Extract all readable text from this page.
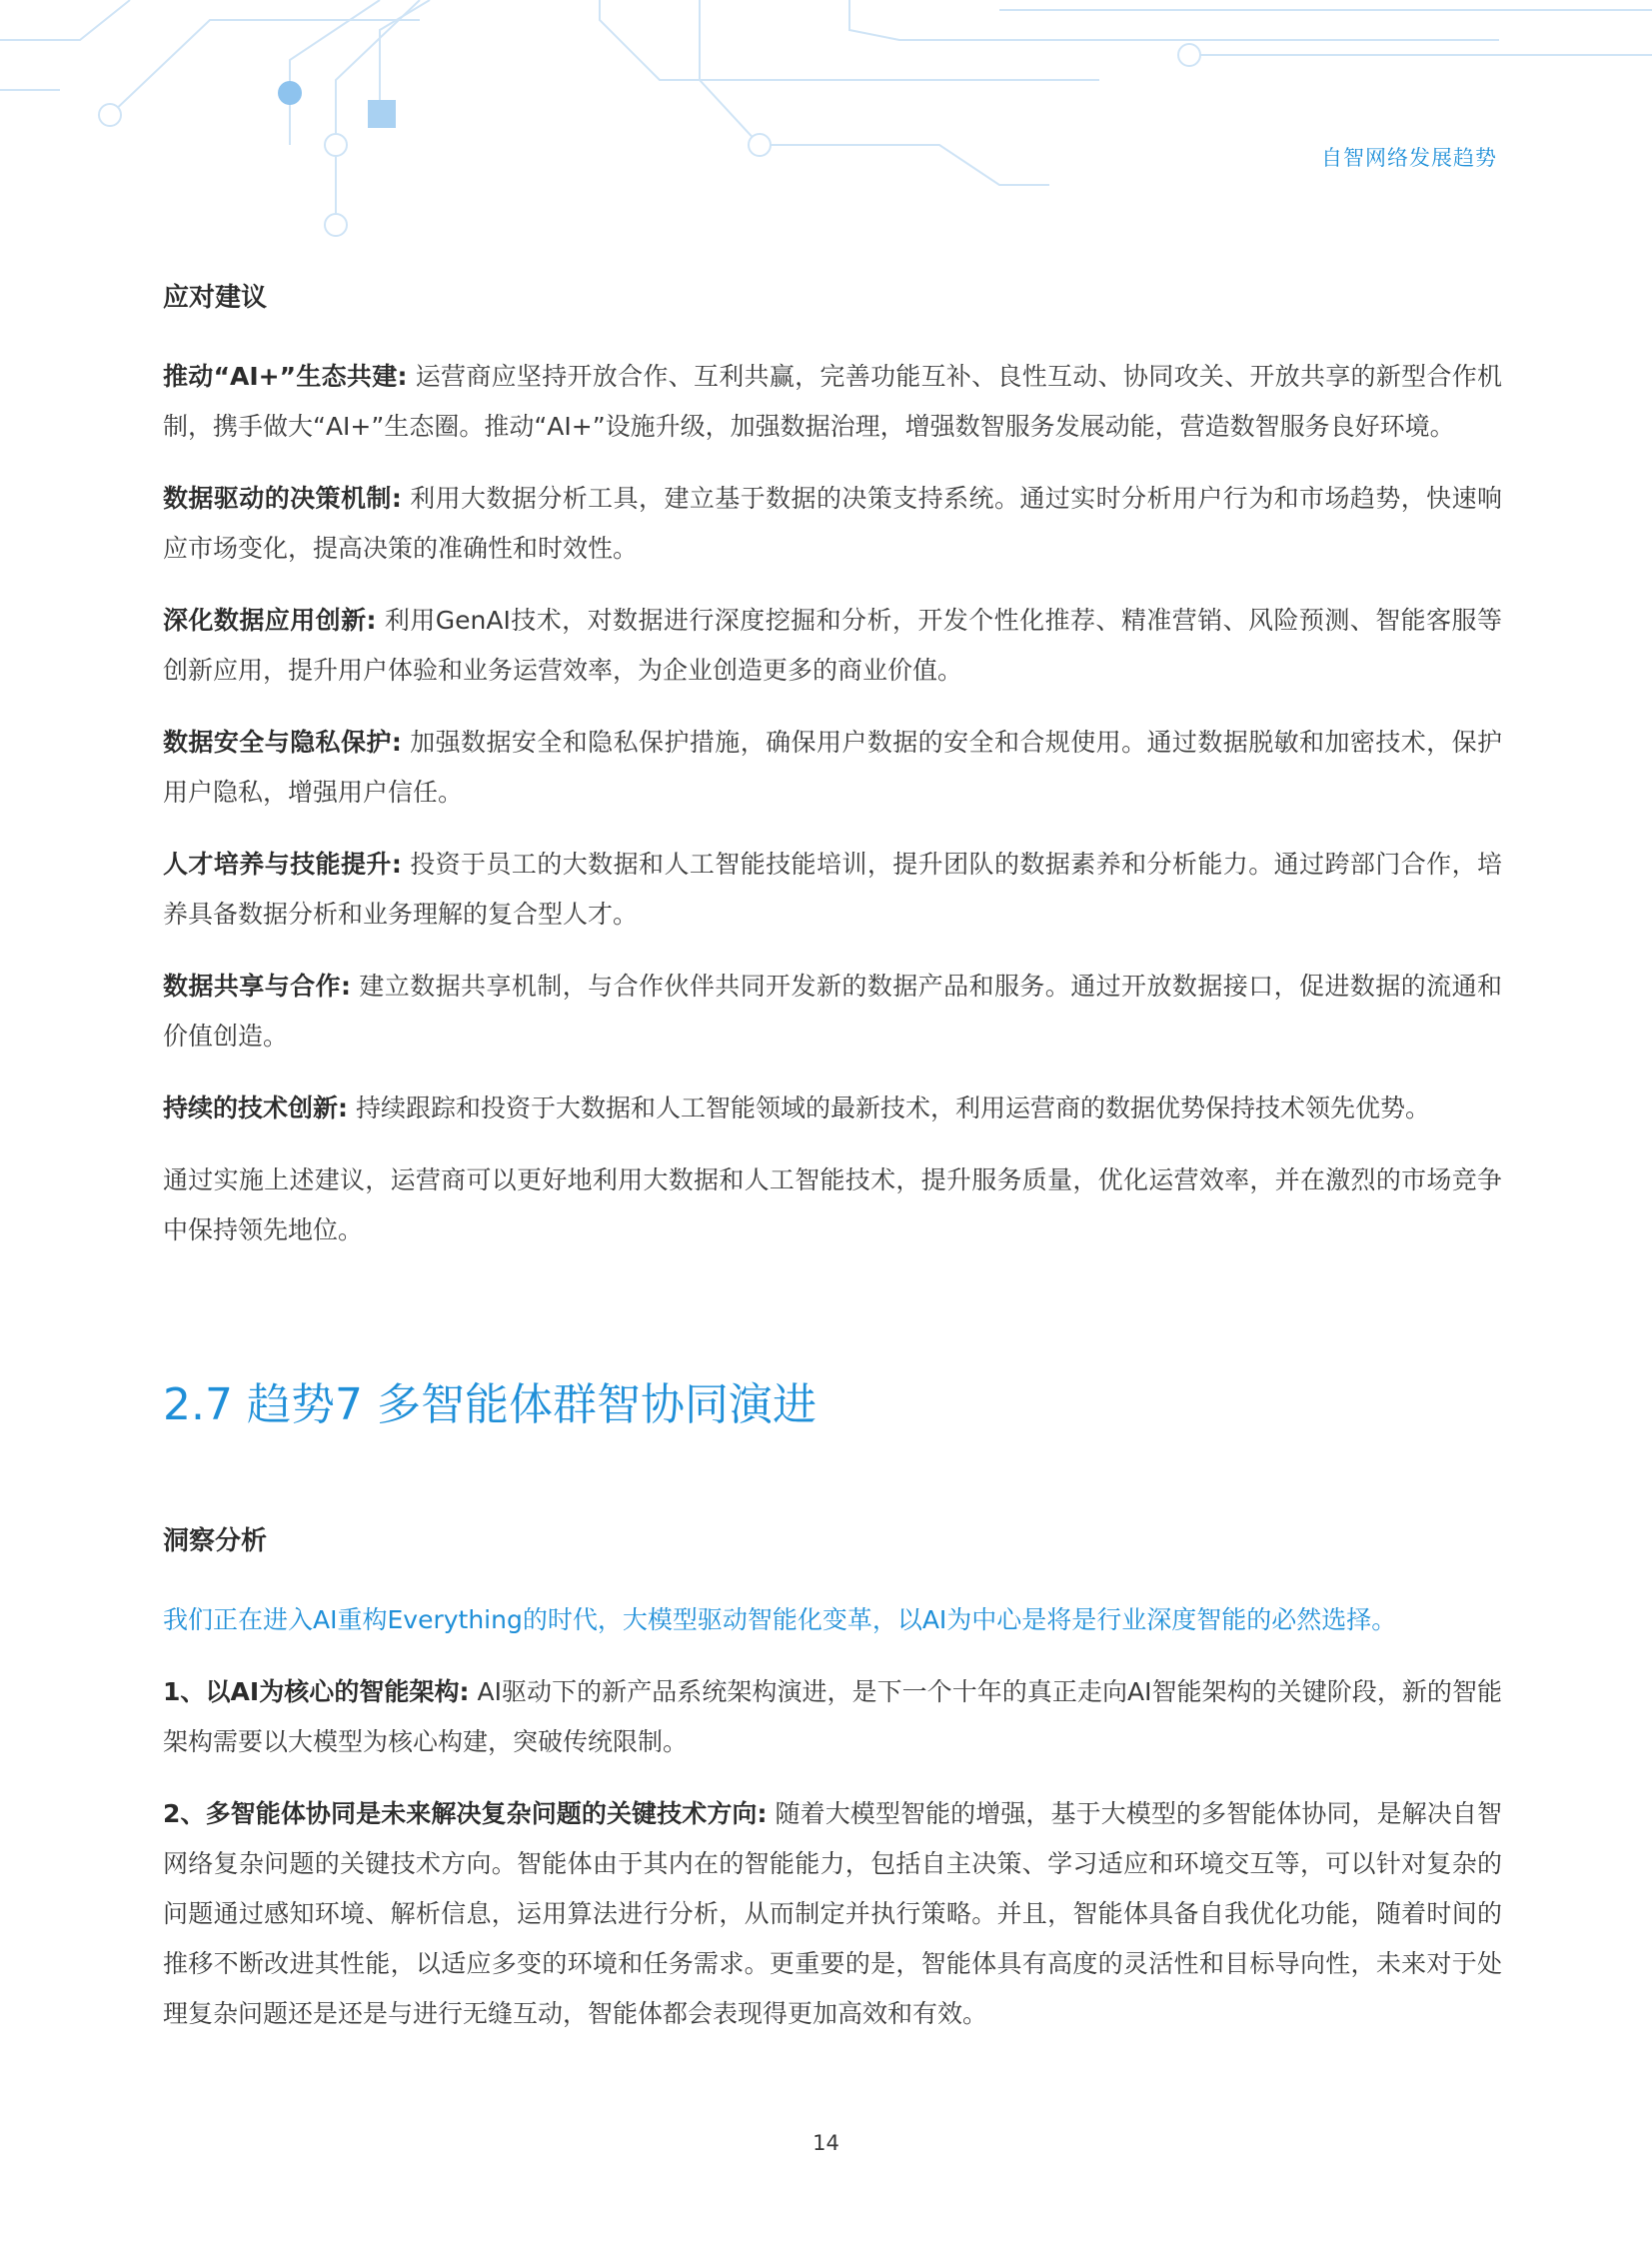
自智网络发展趋势
应对建议

推动“AI+”生态共建: 运营商应坚持开放合作、互利共赢，完善功能互补、良性互动、协同攻关、开放共享的新型合作机制，携手做大“AI+”生态圈。推动“AI+”设施升级，加强数据治理，增强数智服务发展动能，营造数智服务良好环境。

数据驱动的决策机制: 利用大数据分析工具，建立基于数据的决策支持系统。通过实时分析用户行为和市场趋势，快速响应市场变化，提高决策的准确性和时效性。

深化数据应用创新: 利用GenAI技术，对数据进行深度挖掘和分析，开发个性化推荐、精准营销、风险预测、智能客服等创新应用，提升用户体验和业务运营效率，为企业创造更多的商业价值。

数据安全与隐私保护: 加强数据安全和隐私保护措施，确保用户数据的安全和合规使用。通过数据脱敏和加密技术，保护用户隐私，增强用户信任。

人才培养与技能提升: 投资于员工的大数据和人工智能技能培训，提升团队的数据素养和分析能力。通过跨部门合作，培养具备数据分析和业务理解的复合型人才。

数据共享与合作: 建立数据共享机制，与合作伙伴共同开发新的数据产品和服务。通过开放数据接口，促进数据的流通和价值创造。

持续的技术创新: 持续跟踪和投资于大数据和人工智能领域的最新技术，利用运营商的数据优势保持技术领先优势。

通过实施上述建议，运营商可以更好地利用大数据和人工智能技术，提升服务质量，优化运营效率，并在激烈的市场竞争中保持领先地位。

2.7 趋势7 多智能体群智协同演进
洞察分析

我们正在进入AI重构Everything的时代，大模型驱动智能化变革，以AI为中心是将是行业深度智能的必然选择。

1、以AI为核心的智能架构: AI驱动下的新产品系统架构演进，是下一个十年的真正走向AI智能架构的关键阶段，新的智能架构需要以大模型为核心构建，突破传统限制。

2、多智能体协同是未来解决复杂问题的关键技术方向: 随着大模型智能的增强，基于大模型的多智能体协同，是解决自智网络复杂问题的关键技术方向。智能体由于其内在的智能能力，包括自主决策、学习适应和环境交互等，可以针对复杂的问题通过感知环境、解析信息，运用算法进行分析，从而制定并执行策略。并且，智能体具备自我优化功能，随着时间的推移不断改进其性能，以适应多变的环境和任务需求。更重要的是，智能体具有高度的灵活性和目标导向性，未来对于处理复杂问题还是还是与进行无缝互动，智能体都会表现得更加高效和有效。

14
